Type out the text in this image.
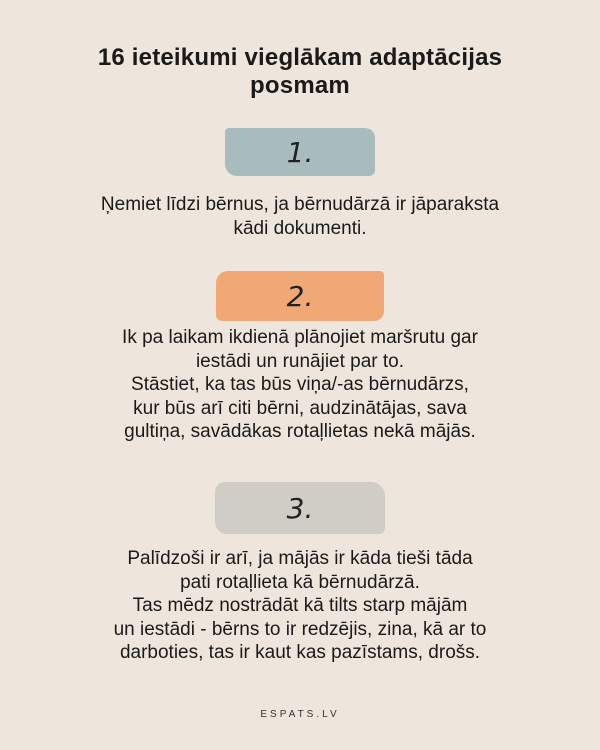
16 ieteikumi vieglākam adaptācijas
posmam
1.
Ņemiet līdzi bērnus, ja bērnudārzā ir jāparaksta
kādi dokumenti.
2.
Ik pa laikam ikdienā plānojiet maršrutu gar
iestādi un runājiet par to.
Stāstiet, ka tas būs viņa/-as bērnudārzs,
kur būs arī citi bērni, audzinātājas, sava
gultiņa, savādākas rotaļlietas nekā mājās.
3.
Palīdzoši ir arī, ja mājās ir kāda tieši tāda
pati rotaļlieta kā bērnudārzā.
Tas mēdz nostrādāt kā tilts starp mājām
un iestādi - bērns to ir redzējis, zina, kā ar to
darboties, tas ir kaut kas pazīstams, drošs.
ESPATS.LV
